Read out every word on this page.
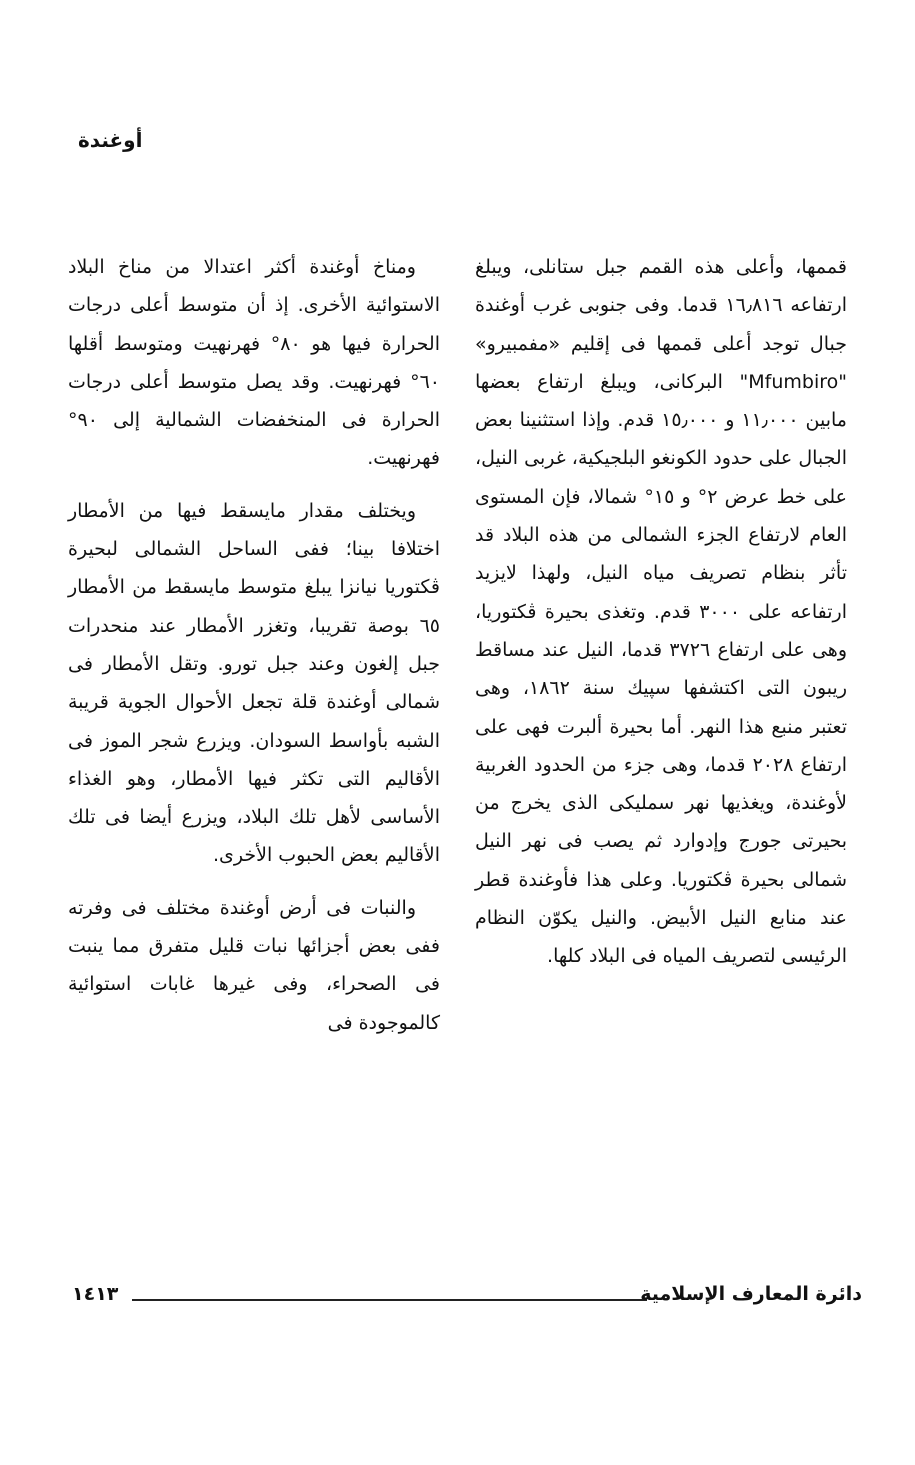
أوغندة

قممها، وأعلى هذه القمم جبل ستانلى، ويبلغ ارتفاعه ١٦٫٨١٦ قدما. وفى جنوبى غرب أوغندة جبال توجد أعلى قممها فى إقليم «مفمبيرو» "Mfumbiro" البركانى، ويبلغ ارتفاع بعضها مابين ١١٫٠٠٠ و ١٥٫٠٠٠ قدم. وإذا استثنينا بعض الجبال على حدود الكونغو البلجيكية، غربى النيل، على خط عرض ٢° و ١٥° شمالا، فإن المستوى العام لارتفاع الجزء الشمالى من هذه البلاد قد تأثر بنظام تصريف مياه النيل، ولهذا لايزيد ارتفاعه على ٣٠٠٠ قدم. وتغذى بحيرة ڤكتوريا، وهى على ارتفاع ٣٧٢٦ قدما، النيل عند مساقط ريبون التى اكتشفها سپيك سنة ١٨٦٢، وهى تعتبر منبع هذا النهر. أما بحيرة ألبرت فهى على ارتفاع ٢٠٢٨ قدما، وهى جزء من الحدود الغربية لأوغندة، ويغذيها نهر سمليكى الذى يخرج من بحيرتى جورج وإدوارد ثم يصب فى نهر النيل شمالى بحيرة ڤكتوريا. وعلى هذا فأوغندة قطر عند منابع النيل الأبيض. والنيل يكوّن النظام الرئيسى لتصريف المياه فى البلاد كلها.

ومناخ أوغندة أكثر اعتدالا من مناخ البلاد الاستوائية الأخرى. إذ أن متوسط أعلى درجات الحرارة فيها هو ٨٠° فهرنهيت ومتوسط أقلها ٦٠° فهرنهيت. وقد يصل متوسط أعلى درجات الحرارة فى المنخفضات الشمالية إلى ٩٠° فهرنهيت.

ويختلف مقدار مايسقط فيها من الأمطار اختلافا بينا؛ ففى الساحل الشمالى لبحيرة ڤكتوريا نيانزا يبلغ متوسط مايسقط من الأمطار ٦٥ بوصة تقريبا، وتغزر الأمطار عند منحدرات جبل إلغون وعند جبل تورو. وتقل الأمطار فى شمالى أوغندة قلة تجعل الأحوال الجوية قريبة الشبه بأواسط السودان. ويزرع شجر الموز فى الأقاليم التى تكثر فيها الأمطار، وهو الغذاء الأساسى لأهل تلك البلاد، ويزرع أيضا فى تلك الأقاليم بعض الحبوب الأخرى.

والنبات فى أرض أوغندة مختلف فى وفرته ففى بعض أجزائها نبات قليل متفرق مما ينبت فى الصحراء، وفى غيرها غابات استوائية كالموجودة فى

١٤١٣	دائرة المعارف الإسلامية
